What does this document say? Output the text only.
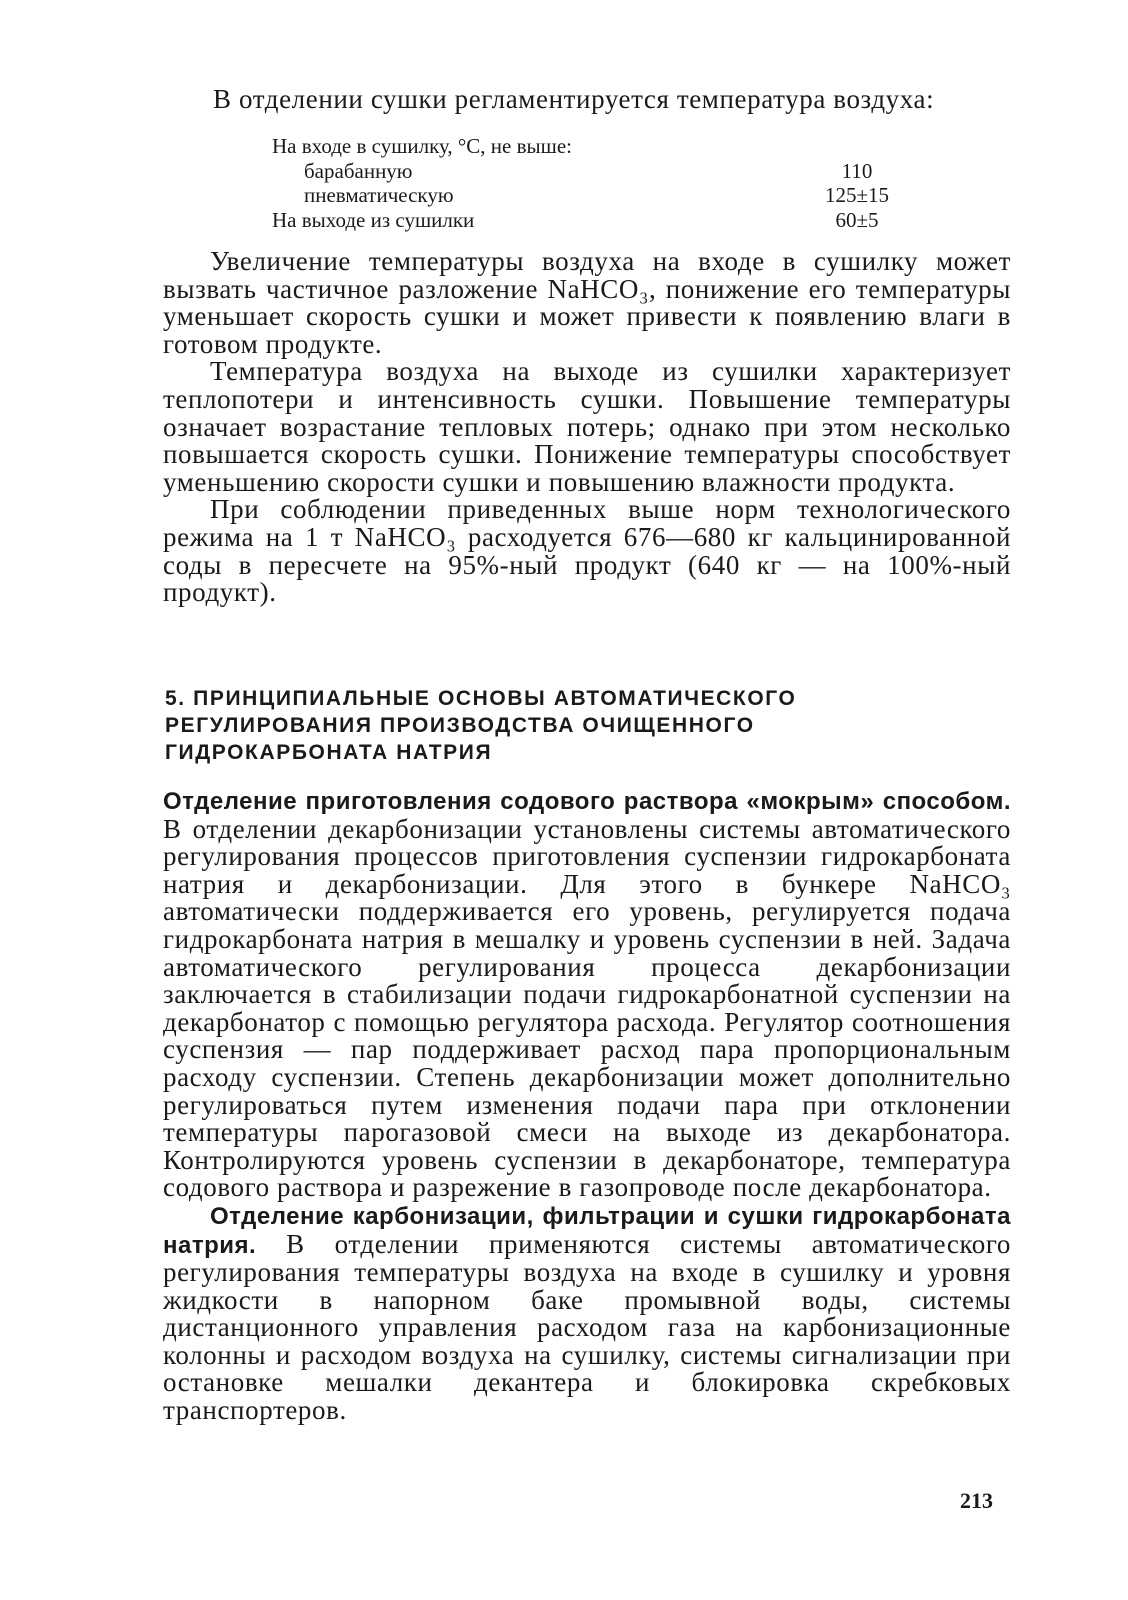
В отделении сушки регламентируется температура воздуха:
На входе в сушилку, °С, не выше:
барабанную	110
пневматическую	125±15
На выходе из сушилки	60±5

Увеличение температуры воздуха на входе в сушилку может вызвать частичное разложение NaHCO₃, понижение его температуры уменьшает скорость сушки и может привести к появлению влаги в готовом продукте.

Температура воздуха на выходе из сушилки характеризует теплопотери и интенсивность сушки. Повышение температуры означает возрастание тепловых потерь; однако при этом несколько повышается скорость сушки. Понижение температуры способствует уменьшению скорости сушки и повышению влажности продукта.

При соблюдении приведенных выше норм технологического режима на 1 т NaHCO₃ расходуется 676—680 кг кальцинированной соды в пересчете на 95%-ный продукт (640 кг — на 100%-ный продукт).

5. ПРИНЦИПИАЛЬНЫЕ ОСНОВЫ АВТОМАТИЧЕСКОГО
РЕГУЛИРОВАНИЯ ПРОИЗВОДСТВА ОЧИЩЕННОГО
ГИДРОКАРБОНАТА НАТРИЯ

Отделение приготовления содового раствора «мокрым» способом. В отделении декарбонизации установлены системы автоматического регулирования процессов приготовления суспензии гидрокарбоната натрия и декарбонизации. Для этого в бункере NaHCO₃ автоматически поддерживается его уровень, регулируется подача гидрокарбоната натрия в мешалку и уровень суспензии в ней. Задача автоматического регулирования процесса декарбонизации заключается в стабилизации подачи гидрокарбонатной суспензии на декарбонатор с помощью регулятора расхода. Регулятор соотношения суспензия — пар поддерживает расход пара пропорциональным расходу суспензии. Степень декарбонизации может дополнительно регулироваться путем изменения подачи пара при отклонении температуры парогазовой смеси на выходе из декарбонатора. Контролируются уровень суспензии в декарбонаторе, температура содового раствора и разрежение в газопроводе после декарбонатора.

Отделение карбонизации, фильтрации и сушки гидрокарбоната натрия. В отделении применяются системы автоматического регулирования температуры воздуха на входе в сушилку и уровня жидкости в напорном баке промывной воды, системы дистанционного управления расходом газа на карбонизационные колонны и расходом воздуха на сушилку, системы сигнализации при остановке мешалки декантера и блокировка скребковых транспортеров.

213
